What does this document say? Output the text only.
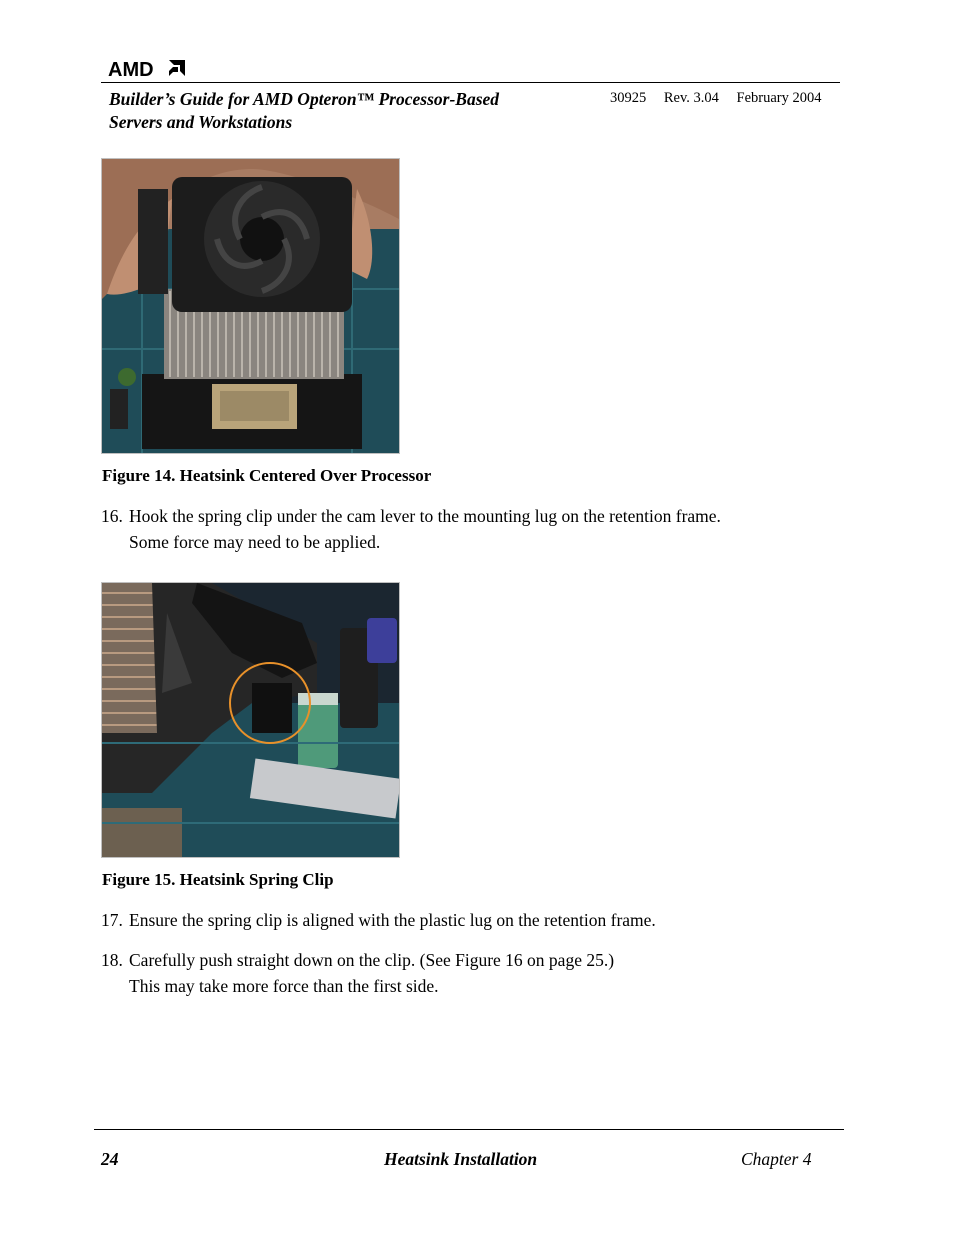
AMD
Builder’s Guide for AMD Opteron™ Processor-Based
Servers and Workstations
30925 Rev. 3.04 February 2004
Figure 14. Heatsink Centered Over Processor
16. Hook the spring clip under the cam lever to the mounting lug on the retention frame.
Some force may need to be applied.
Figure 15. Heatsink Spring Clip
17. Ensure the spring clip is aligned with the plastic lug on the retention frame.
18. Carefully push straight down on the clip. (See Figure 16 on page 25.)
This may take more force than the first side.
24	Heatsink Installation	Chapter 4
